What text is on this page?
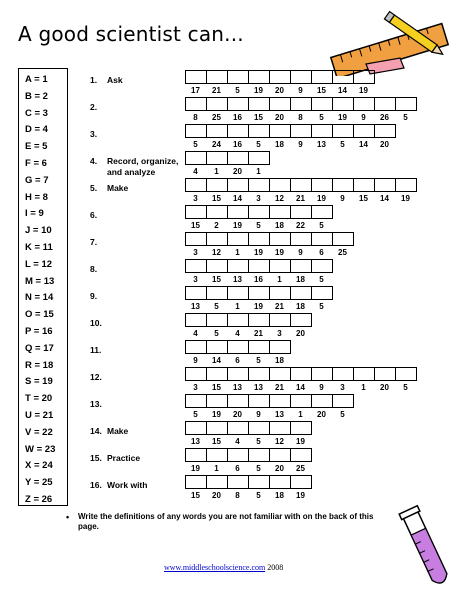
A good scientist can...
A = 1
B = 2
C = 3
D = 4
E = 5
F = 6
G = 7
H = 8
I = 9
J = 10
K = 11
L = 12
M = 13
N = 14
O = 15
P = 16
Q = 17
R = 18
S = 19
T = 20
U = 21
V = 22
W = 23
X = 24
Y = 25
Z = 26
1. Ask
17	21	5	19	20	9	15	14	19
2.
8	25	16	15	20	8	5	19	9	26	5
3.
5	24	16	5	18	9	13	5	14	20
4. Record, organize,
and analyze	4	1	20	1
5. Make
3	15	14	3	12	21	19	9	15	14	19
6.
15	2	19	5	18	22	5
7.
3	12	1	19	19	9	6	25
8.
3	15	13	16	1	18	5
9.
13	5	1	19	21	18	5
10.
4	5	4	21	3	20
11.
9	14	6	5	18
12.
3	15	13	13	21	14	9	3	1	20	5
13.
5	19	20	9	13	1	20	5
14. Make
13	15	4	5	12	19
15. Practice
19	1	6	5	20	25
16. Work with
15	20	8	5	18	19
• Write the definitions of any words you are not familiar with on the back of this page.
www.middleschoolscience.com 2008
